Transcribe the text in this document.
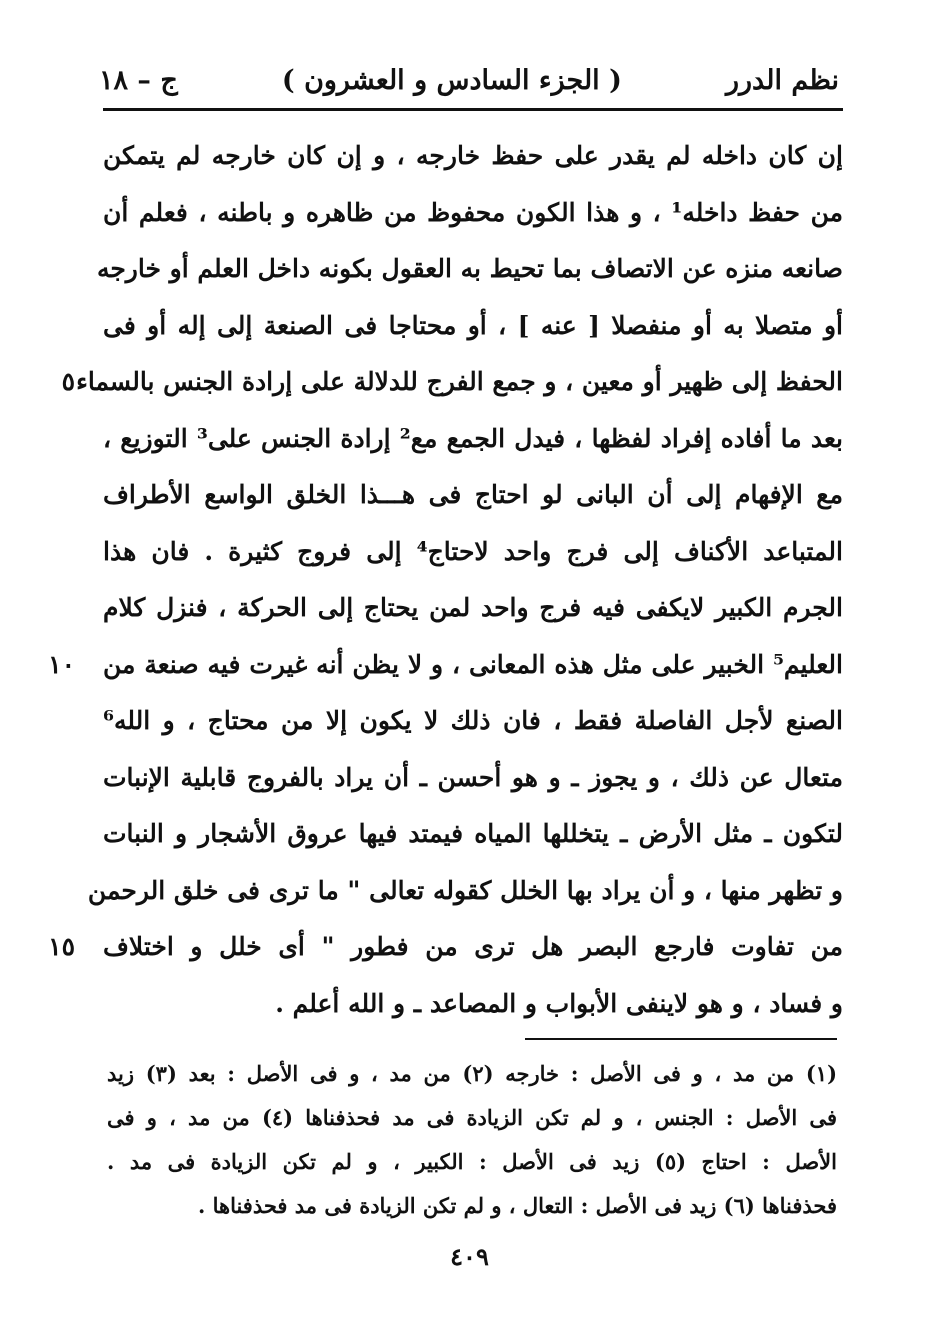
نظم الدرر
( الجزء السادس و العشرون )
ج – ١٨
إن كان داخله لم يقدر على حفظ خارجه ، و إن كان خارجه لم يتمكن
من حفظ داخله¹ ، و هذا الكون محفوظ من ظاهره و باطنه ، فعلم أن
صانعه منزه عن الاتصاف بما تحيط به العقول بكونه داخل العلم أو خارجه
أو متصلا به أو منفصلا [ عنه ] ، أو محتاجا فى الصنعة إلى إله أو فى
الحفظ إلى ظهير أو معين ، و جمع الفرج للدلالة على إرادة الجنس بالسماء
٥
بعد ما أفاده إفراد لفظها ، فيدل الجمع مع² إرادة الجنس على³ التوزيع ،
مع الإفهام إلى أن البانى لو احتاج فى هـــذا الخلق الواسع الأطراف
المتباعد الأكناف إلى فرج واحد لاحتاج⁴ إلى فروج كثيرة . فان هذا
الجرم الكبير لايكفى فيه فرج واحد لمن يحتاج إلى الحركة ، فنزل كلام
العليم⁵ الخبير على مثل هذه المعانى ، و لا يظن أنه غيرت فيه صنعة من
١٠
الصنع لأجل الفاصلة فقط ، فان ذلك لا يكون إلا من محتاج ، و الله⁶
متعال عن ذلك ، و يجوز ـ و هو أحسن ـ أن يراد بالفروج قابلية الإنبات
لتكون ـ مثل الأرض ـ يتخللها المياه فيمتد فيها عروق الأشجار و النبات
و تظهر منها ، و أن يراد بها الخلل كقوله تعالى " ما ترى فى خلق الرحمن
من تفاوت فارجع البصر هل ترى من فطور " أى خلل و اختلاف
١٥
و فساد ، و هو لاينفى الأبواب و المصاعد ـ و الله أعلم .
(١) من مد ، و فى الأصل : خارجه (٢) من مد ، و فى الأصل : بعد (٣) زيد
فى الأصل : الجنس ، و لم تكن الزيادة فى مد فحذفناها (٤) من مد ، و فى
الأصل : احتاج (٥) زيد فى الأصل : الكبير ، و لم تكن الزيادة فى مد .
فحذفناها (٦) زيد فى الأصل : التعال ، و لم تكن الزيادة فى مد فحذفناها .
٤٠٩
